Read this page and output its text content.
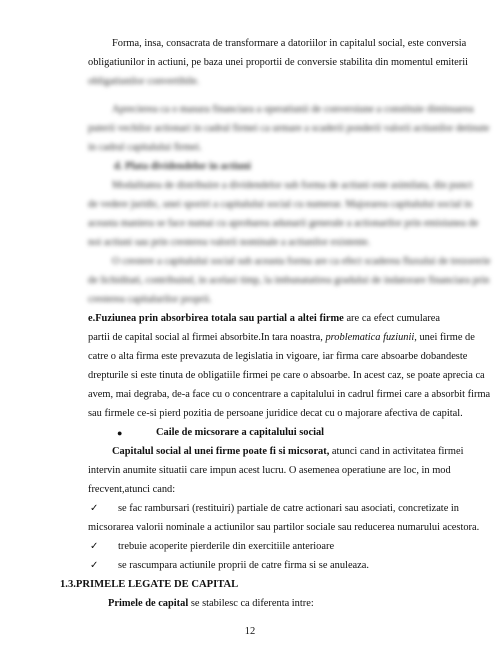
Forma, insa, consacrata de transformare a datoriilor in capitalul social, este conversia
obligatiunilor in actiuni, pe baza unei proportii de conversie stabilita din momentul emiterii
obligatiunilor convertibile.
Aprecierea ca o masura financiara a operatiunii de conversiune a constituie diminuarea
puterii vechilor actionari in cadrul firmei ca urmare a scaderii ponderii valorii actiunilor detinute
in cadrul capitalului firmei.
d. Plata dividendelor in actiuni
Modalitatea de distribuire a dividendelor sub forma de actiuni este asimilata, din punct
de vedere juridic, unei sporiri a capitalului social cu numerar. Majorarea capitalului social in
aceasta maniera se face numai cu aprobarea adunarii generale a actionarilor prin emisiunea de
noi actiuni sau prin cresterea valorii nominale a actiunilor existente.
O crestere a capitalului social sub aceasta forma are ca efect scaderea fluxului de trezorerie
de lichiditati, contribuind, in acelasi timp, la imbunatatirea gradului de indatorare financiara prin
cresterea capitalurilor proprii.
e.Fuziunea prin absorbirea totala sau partial a altei firme are ca efect cumularea
partii de capital social al firmei absorbite.In tara noastra, problematica fuziunii, unei firme de
catre o alta firma este prevazuta de legislatia in vigoare, iar firma care absoarbe dobandeste
drepturile si este tinuta de obligatiile firmei pe care o absoarbe. In acest caz, se poate aprecia ca
avem, mai degraba, de-a face cu o concentrare a capitalului in cadrul firmei care a absorbit firma
sau firmele ce-si pierd pozitia de persoane juridice decat cu o majorare afectiva de capital.
●	Caile de micsorare a capitalului social
Capitalul social al unei firme poate fi si micsorat, atunci cand in activitatea firmei
intervin anumite situatii care impun acest lucru. O asemenea operatiune are loc, in mod
frecvent,atunci cand:
✓ se fac rambursari (restituiri) partiale de catre actionari sau asociati, concretizate in
micsorarea valorii nominale a actiunilor sau partilor sociale sau reducerea numarului acestora.
✓ trebuie acoperite pierderile din exercitiile anterioare
✓ se rascumpara actiunile proprii de catre firma si se anuleaza.
1.3.PRIMELE LEGATE DE CAPITAL
Primele de capital se stabilesc ca diferenta intre:
12
